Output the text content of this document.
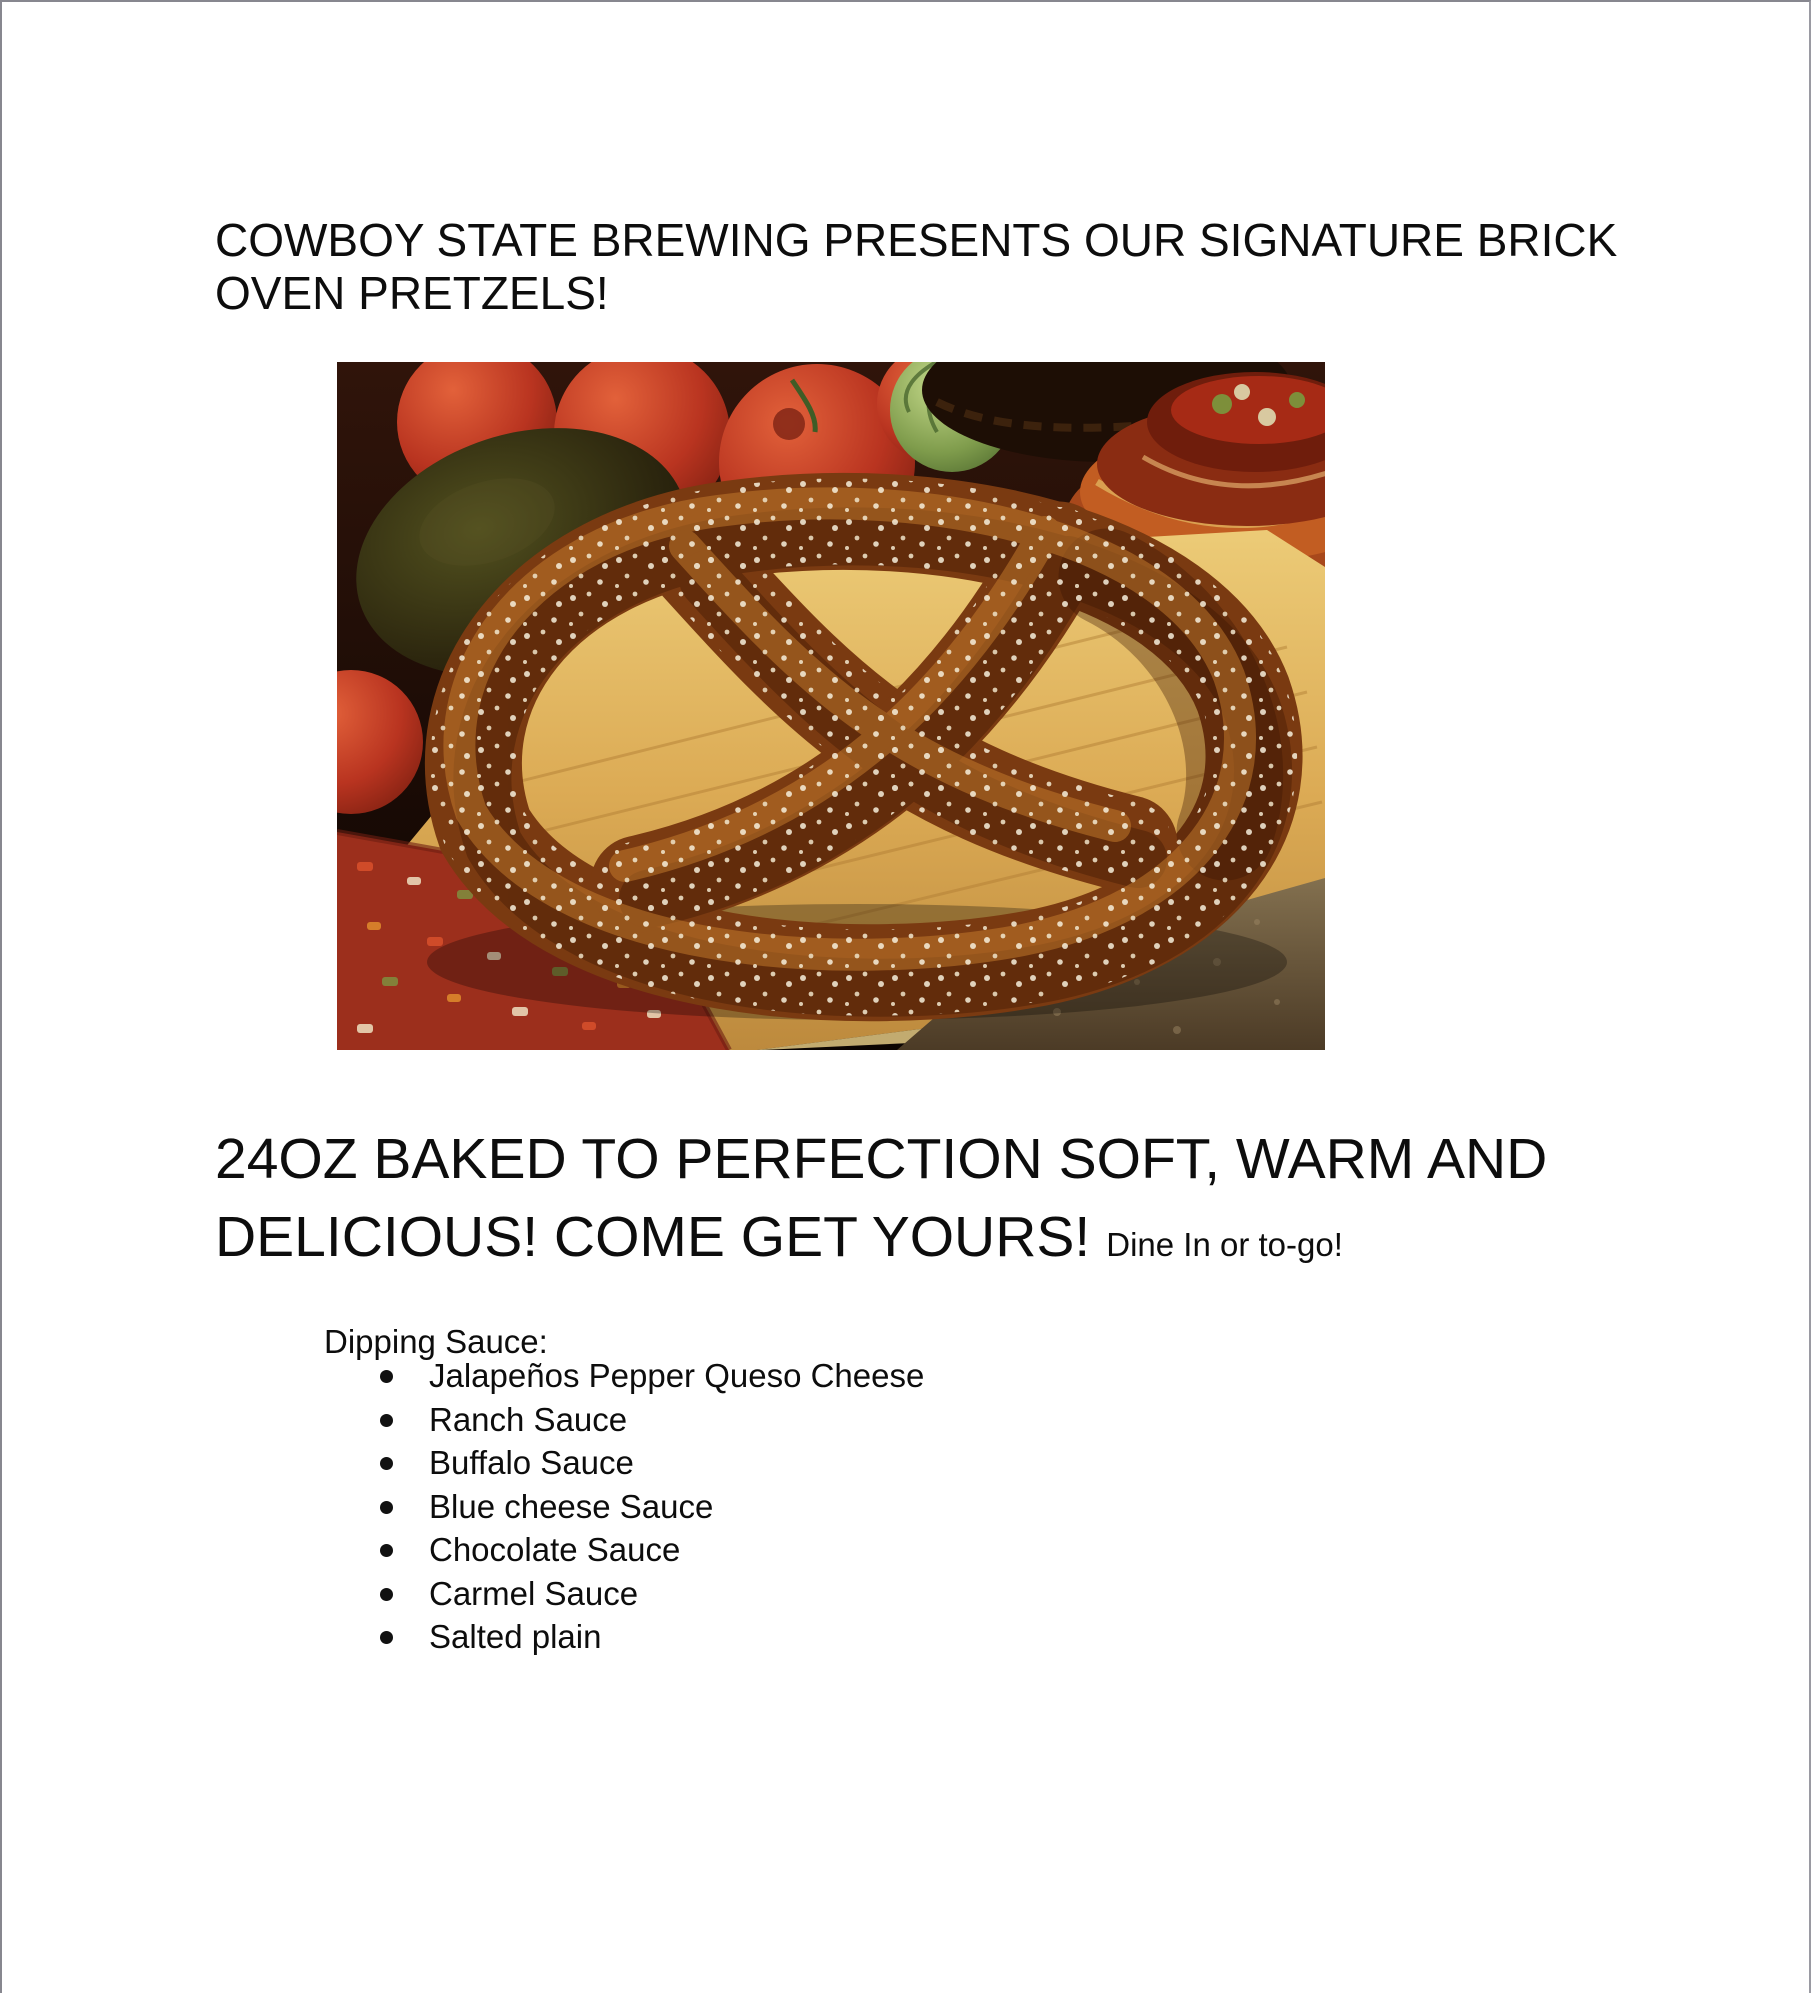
COWBOY STATE BREWING PRESENTS OUR SIGNATURE BRICK
OVEN PRETZELS!
24OZ BAKED TO PERFECTION SOFT, WARM AND
DELICIOUS! COME GET YOURS! Dine In or to-go!
Dipping Sauce:
Jalapeños Pepper Queso Cheese
Ranch Sauce
Buffalo Sauce
Blue cheese Sauce
Chocolate Sauce
Carmel Sauce
Salted plain
